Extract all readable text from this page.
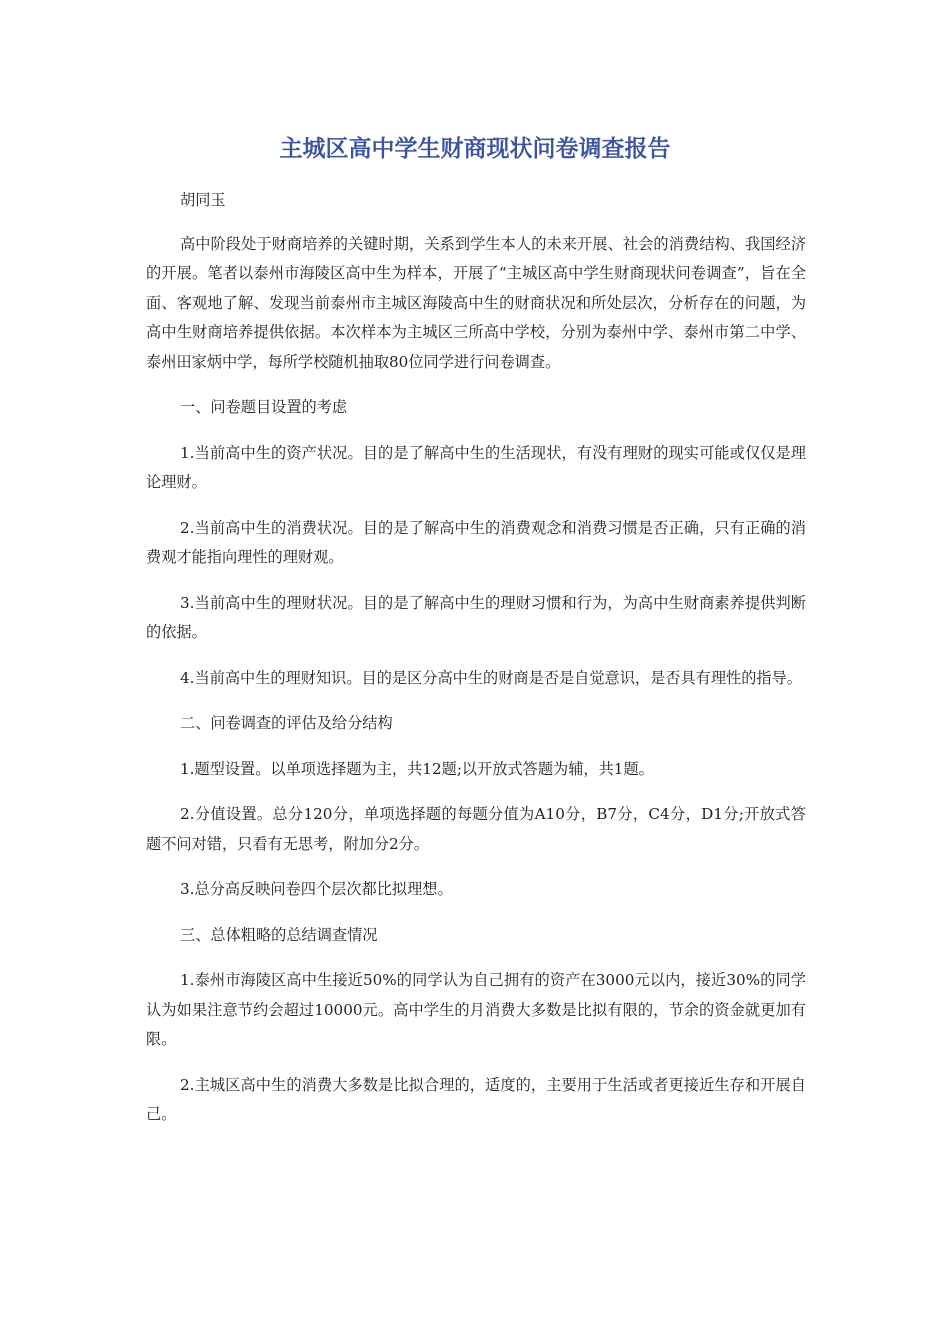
主城区高中学生财商现状问卷调查报告

胡同玉

高中阶段处于财商培养的关键时期，关系到学生本人的未来开展、社会的消费结构、我国经济的开展。笔者以泰州市海陵区高中生为样本，开展了“主城区高中学生财商现状问卷调查”，旨在全面、客观地了解、发现当前泰州市主城区海陵高中生的财商状况和所处层次，分析存在的问题，为高中生财商培养提供依据。本次样本为主城区三所高中学校，分别为泰州中学、泰州市第二中学、泰州田家炳中学，每所学校随机抽取80位同学进行问卷调查。

一、问卷题目设置的考虑

1.当前高中生的资产状况。目的是了解高中生的生活现状，有没有理财的现实可能或仅仅是理论理财。

2.当前高中生的消费状况。目的是了解高中生的消费观念和消费习惯是否正确，只有正确的消费观才能指向理性的理财观。

3.当前高中生的理财状况。目的是了解高中生的理财习惯和行为，为高中生财商素养提供判断的依据。

4.当前高中生的理财知识。目的是区分高中生的财商是否是自觉意识，是否具有理性的指导。

二、问卷调查的评估及给分结构

1.题型设置。以单项选择题为主，共12题;以开放式答题为辅，共1题。

2.分值设置。总分120分，单项选择题的每题分值为A10分，B7分，C4分，D1分;开放式答题不问对错，只看有无思考，附加分2分。

3.总分高反映问卷四个层次都比拟理想。

三、总体粗略的总结调查情况

1.泰州市海陵区高中生接近50%的同学认为自己拥有的资产在3000元以内，接近30%的同学认为如果注意节约会超过10000元。高中学生的月消费大多数是比拟有限的，节余的资金就更加有限。

2.主城区高中生的消费大多数是比拟合理的，适度的，主要用于生活或者更接近生存和开展自己。
